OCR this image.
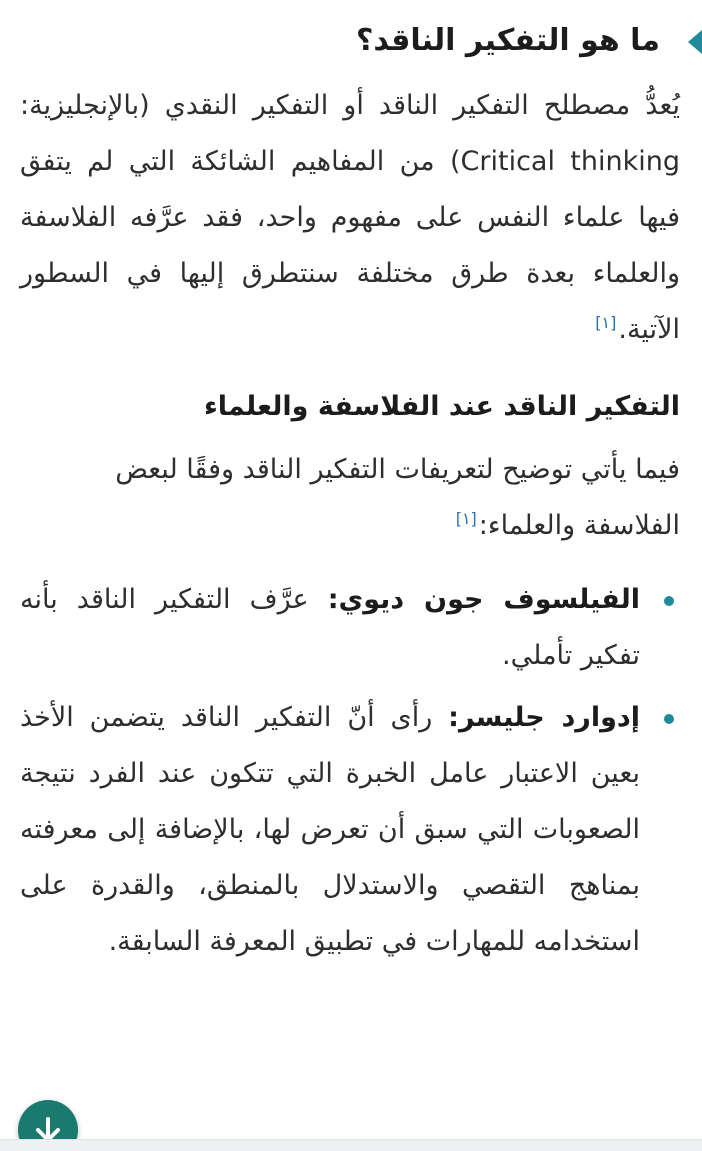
ما هو التفكير الناقد؟

يُعدُّ مصطلح التفكير الناقد أو التفكير النقدي (بالإنجليزية: Critical thinking) من المفاهيم الشائكة التي لم يتفق فيها علماء النفس على مفهوم واحد، فقد عرَّفه الفلاسفة والعلماء بعدة طرق مختلفة سنتطرق إليها في السطور الآتية.[١]

التفكير الناقد عند الفلاسفة والعلماء

فيما يأتي توضيح لتعريفات التفكير الناقد وفقًا لبعض الفلاسفة والعلماء:[١]

الفيلسوف جون ديوي: عرَّف التفكير الناقد بأنه تفكير تأملي.
إدوارد جليسر: رأى أنّ التفكير الناقد يتضمن الأخذ بعين الاعتبار عامل الخبرة التي تتكون عند الفرد نتيجة الصعوبات التي سبق أن تعرض لها، بالإضافة إلى معرفته بمناهج التقصي والاستدلال بالمنطق، والقدرة على استخدامه للمهارات في تطبيق المعرفة السابقة.
